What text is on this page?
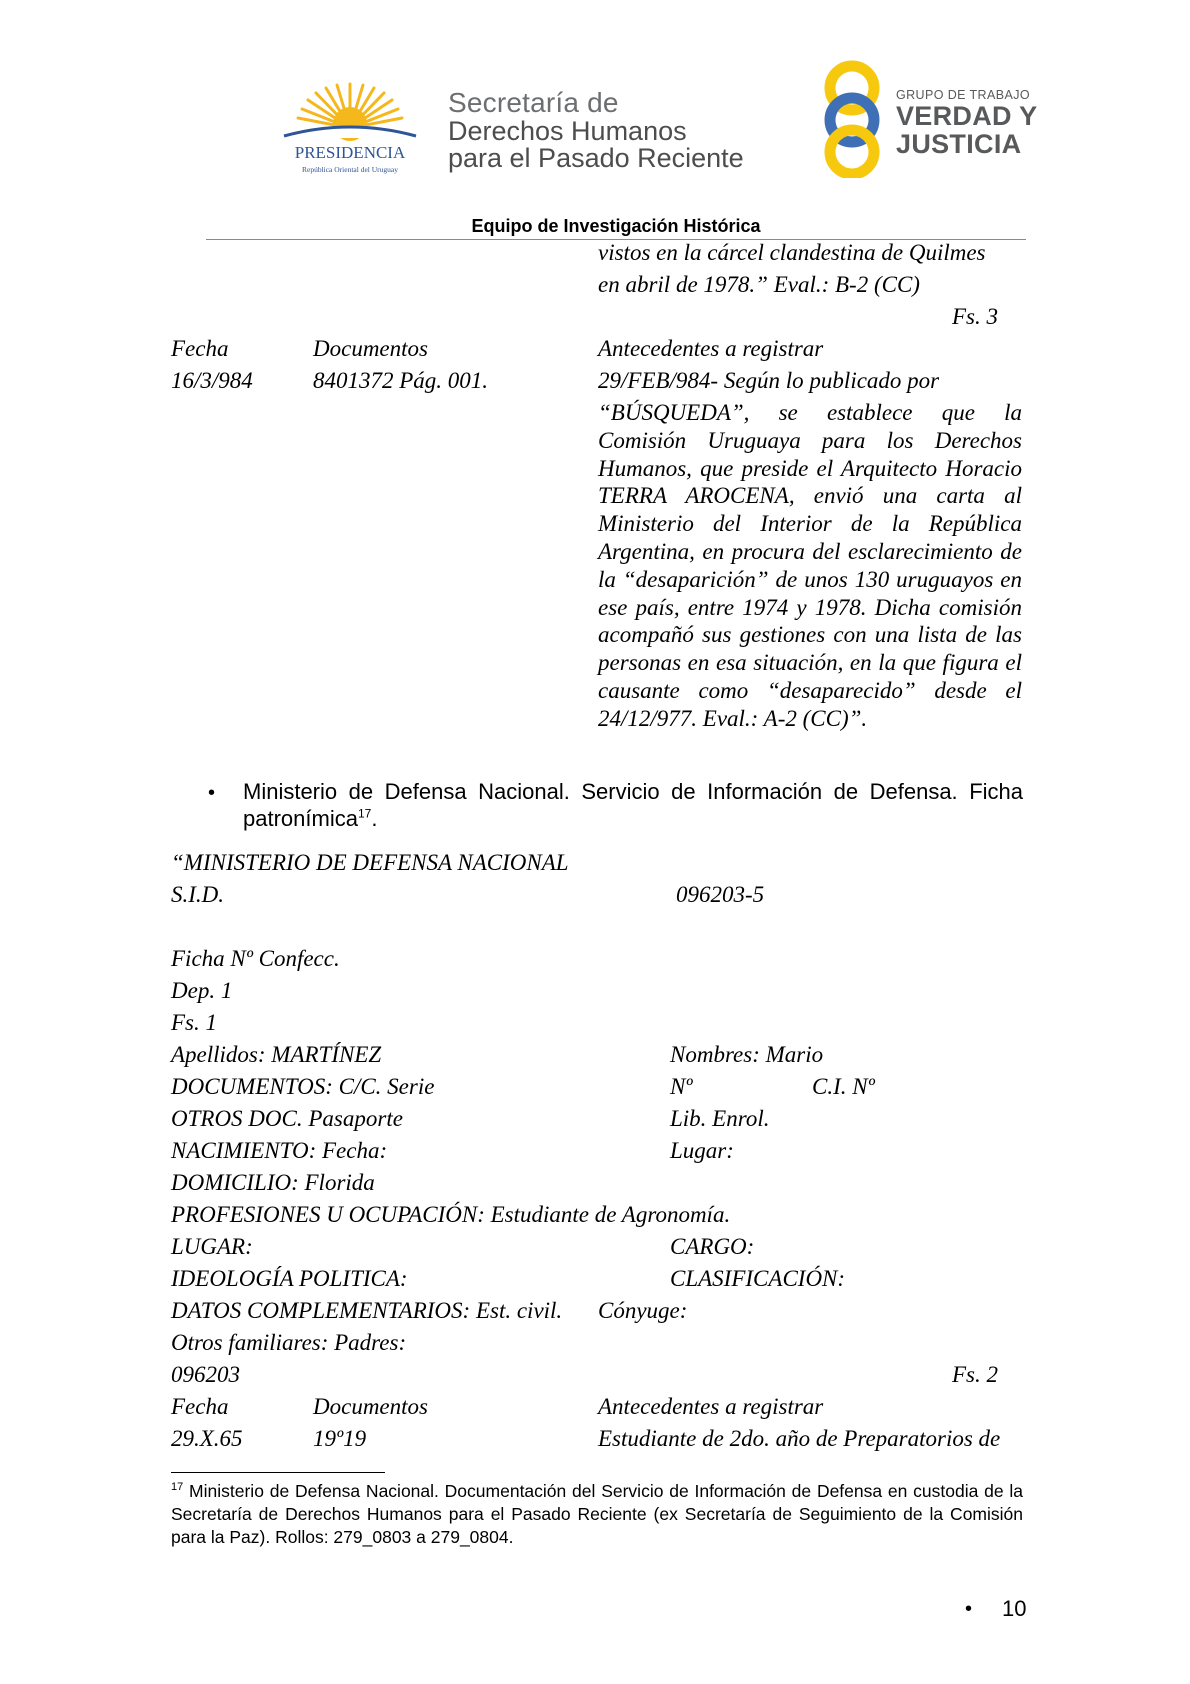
PRESIDENCIA
República Oriental del Uruguay
Secretaría de
Derechos Humanos
para el Pasado Reciente
GRUPO DE TRABAJO
VERDAD Y
JUSTICIA
Equipo de Investigación Histórica
vistos en la cárcel clandestina de Quilmes
en abril de 1978.” Eval.: B-2 (CC)
Fs. 3
Fecha	Documentos	Antecedentes a registrar
16/3/984	8401372 Pág. 001.	29/FEB/984- Según lo publicado por
“BÚSQUEDA”, se establece que la Comisión Uruguaya para los Derechos Humanos, que preside el Arquitecto Horacio TERRA AROCENA, envió una carta al Ministerio del Interior de la República Argentina, en procura del esclarecimiento de la “desaparición” de unos 130 uruguayos en ese país, entre 1974 y 1978. Dicha comisión acompañó sus gestiones con una lista de las personas en esa situación, en la que figura el causante como “desaparecido” desde el 24/12/977. Eval.: A-2 (CC)”.
• Ministerio de Defensa Nacional. Servicio de Información de Defensa. Ficha patronímica$^{17}$.
“MINISTERIO DE DEFENSA NACIONAL
S.I.D.	096203-5
Ficha Nº Confecc.
Dep. 1
Fs. 1
Apellidos: MARTÍNEZ	Nombres: Mario
DOCUMENTOS: C/C. Serie	Nº	C.I. Nº
OTROS DOC. Pasaporte	Lib. Enrol.
NACIMIENTO: Fecha:	Lugar:
DOMICILIO: Florida
PROFESIONES U OCUPACIÓN: Estudiante de Agronomía.
LUGAR:	CARGO:
IDEOLOGÍA POLITICA:	CLASIFICACIÓN:
DATOS COMPLEMENTARIOS: Est. civil. Cónyuge:
Otros familiares: Padres:
096203	Fs. 2
Fecha	Documentos	Antecedentes a registrar
29.X.65	19º19	Estudiante de 2do. año de Preparatorios de
$^{17}$ Ministerio de Defensa Nacional. Documentación del Servicio de Información de Defensa en custodia de la Secretaría de Derechos Humanos para el Pasado Reciente (ex Secretaría de Seguimiento de la Comisión para la Paz). Rollos: 279_0803 a 279_0804.
• 10
